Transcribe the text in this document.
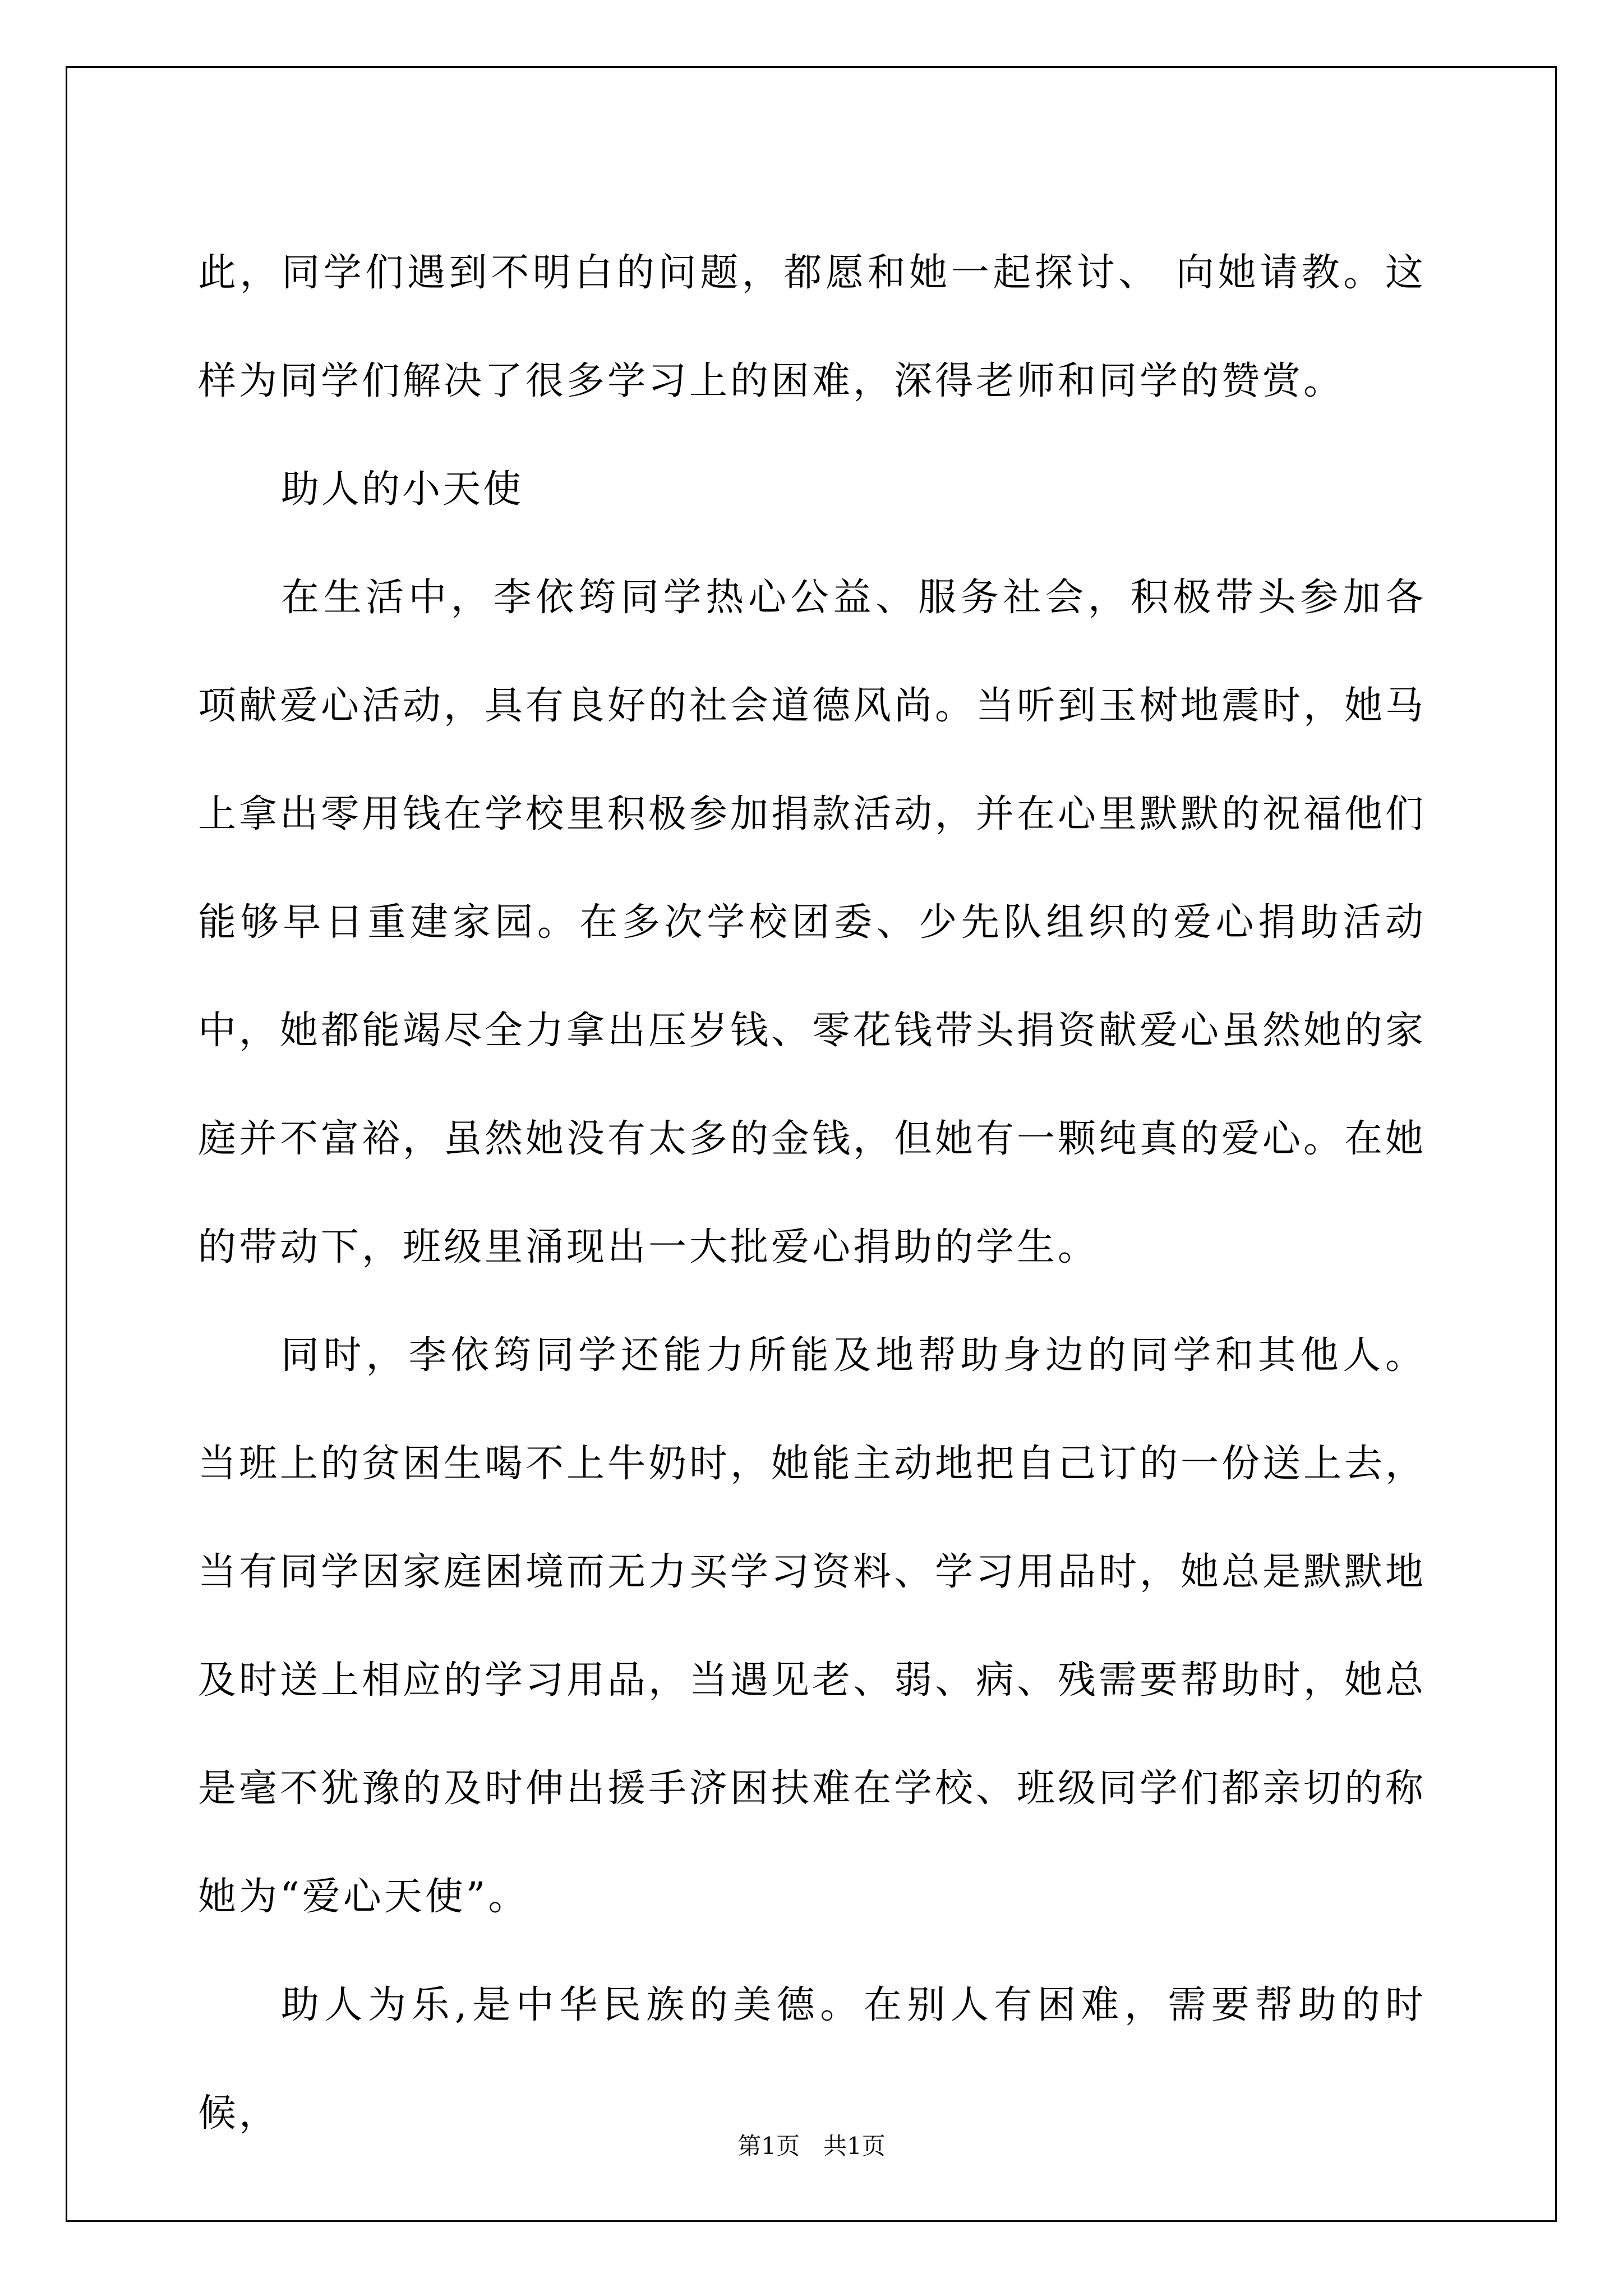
此，同学们遇到不明白的问题，都愿和她一起探讨、 向她请教。这样为同学们解决了很多学习上的困难，深得老师和同学的赞赏。

助人的小天使

在生活中，李依筠同学热心公益、服务社会，积极带头参加各项献爱心活动，具有良好的社会道德风尚。当听到玉树地震时，她马上拿出零用钱在学校里积极参加捐款活动，并在心里默默的祝福他们能够早日重建家园。在多次学校团委、少先队组织的爱心捐助活动中，她都能竭尽全力拿出压岁钱、零花钱带头捐资献爱心虽然她的家庭并不富裕，虽然她没有太多的金钱，但她有一颗纯真的爱心。在她的带动下，班级里涌现出一大批爱心捐助的学生。

同时，李依筠同学还能力所能及地帮助身边的同学和其他人。当班上的贫困生喝不上牛奶时，她能主动地把自己订的一份送上去，当有同学因家庭困境而无力买学习资料、学习用品时，她总是默默地及时送上相应的学习用品，当遇见老、弱、病、残需要帮助时，她总是毫不犹豫的及时伸出援手济困扶难在学校、班级同学们都亲切的称她为“爱心天使”。

助人为乐,是中华民族的美德。在别人有困难，需要帮助的时候，

第1页　共1页
